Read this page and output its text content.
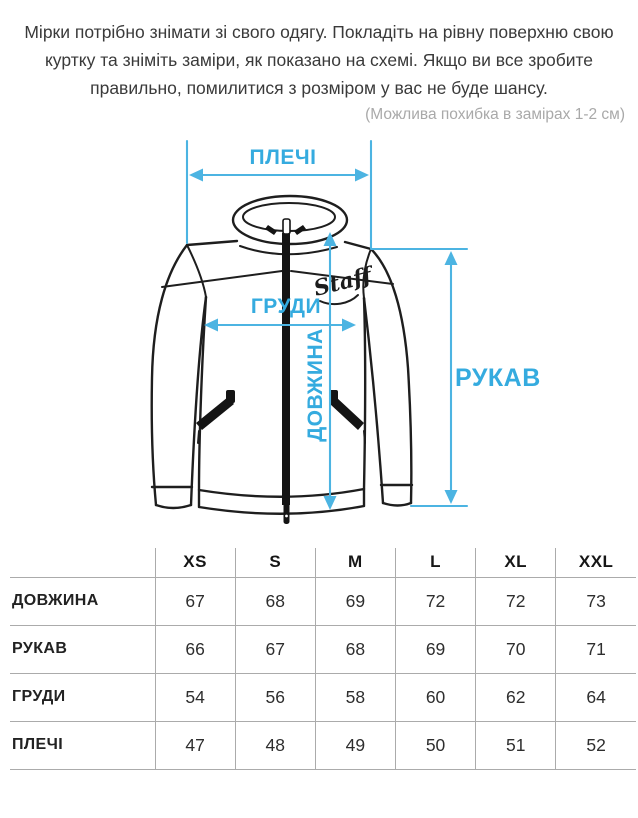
Мірки потрібно знімати зі свого одягу. Покладіть на рівну поверхню свою куртку та зніміть заміри, як показано на схемі. Якщо ви все зробите правильно, помилитися з розміром у вас не буде шансу.

(Можлива похибка в замірах 1-2 см)

Staff
ПЛЕЧІ
ГРУДИ
ДОВЖИНА	РУКАВ
	XS	S	M	L	XL	XXL
ДОВЖИНА	67	68	69	72	72	73
РУКАВ	66	67	68	69	70	71
ГРУДИ	54	56	58	60	62	64
ПЛЕЧІ	47	48	49	50	51	52
